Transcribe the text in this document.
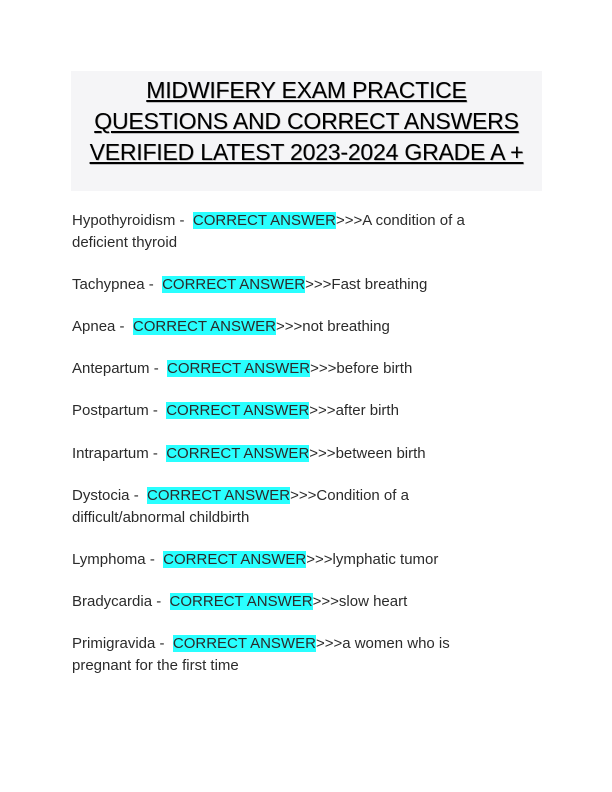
MIDWIFERY EXAM PRACTICE
QUESTIONS AND CORRECT ANSWERS
VERIFIED LATEST 2023-2024 GRADE A +
Hypothyroidism -  CORRECT ANSWER>>>A condition of a
deficient thyroid
Tachypnea -  CORRECT ANSWER>>>Fast breathing
Apnea -  CORRECT ANSWER>>>not breathing
Antepartum -  CORRECT ANSWER>>>before birth
Postpartum -  CORRECT ANSWER>>>after birth
Intrapartum -  CORRECT ANSWER>>>between birth
Dystocia -  CORRECT ANSWER>>>Condition of a
difficult/abnormal childbirth
Lymphoma -  CORRECT ANSWER>>>lymphatic tumor
Bradycardia -  CORRECT ANSWER>>>slow heart
Primigravida -  CORRECT ANSWER>>>a women who is
pregnant for the first time
